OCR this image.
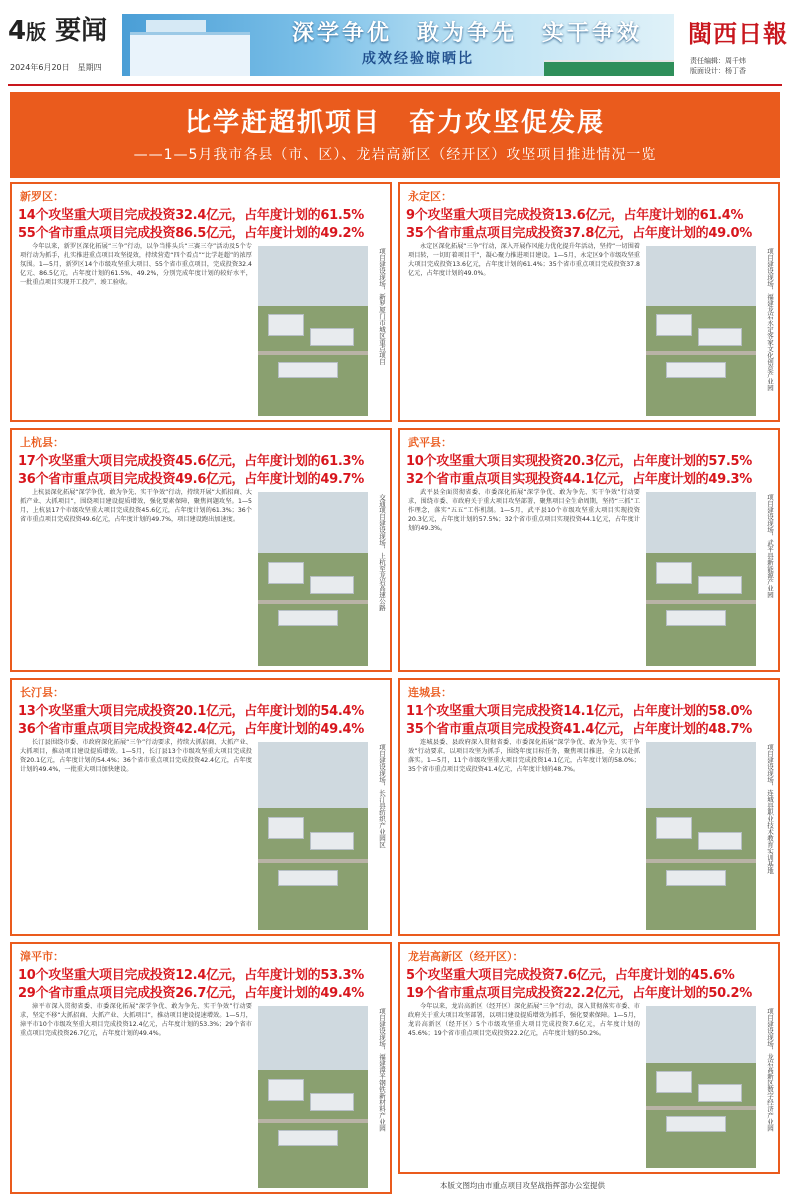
4版 要闻
2024年6月20日　星期四
深学争优　敢为争先　实干争效
成效经验晾晒比
閩西日報
责任编辑：周千炜
版面设计：杨丁香
比学赶超抓项目　奋力攻坚促发展
——1—5月我市各县（市、区）、龙岩高新区（经开区）攻坚项目推进情况一览
新罗区：
14个攻坚重大项目完成投资32.4亿元，占年度计划的61.5%
55个省市重点项目完成投资86.5亿元，占年度计划的49.2%

今年以来，新罗区深化拓展“三争”行动，以争当排头兵“三赛三夺”活动及5个专项行动为抓手，扎实推进重点项目攻坚提效，持续营造“四个看点”“比学赶超”的浓厚氛围。1—5月，新罗区14个市级攻坚重大项目、55个省市重点项目，完成投资32.4亿元、86.5亿元，占年度计划的61.5%、49.2%，分别完成年度计划的较好水平，一批重点项目实现开工投产、竣工验收。	项目建设现场，新罗厦门市城区重点项目
永定区：
9个攻坚重大项目完成投资13.6亿元，占年度计划的61.4%
35个省市重点项目完成投资37.8亿元，占年度计划的49.0%

永定区深化拓展“三争”行动，深入开展作风能力优化提升年活动，坚持“一切围着项目转，一切盯着项目干”，凝心聚力推进项目建设。1—5月，永定区9个市级攻坚重大项目完成投资13.6亿元，占年度计划的61.4%；35个省市重点项目完成投资37.8亿元，占年度计划的49.0%。	项目建设现场，福建龙岩永定客家文化创意产业园
上杭县：
17个攻坚重大项目完成投资45.6亿元，占年度计划的61.3%
36个省市重点项目完成投资49.6亿元，占年度计划的49.7%

上杭县深化拓展“深学争优、敢为争先、实干争效”行动，持续开展“大抓招商、大抓产业、大抓项目”，围绕项目建设提质增效，强化要素保障，聚焦问题攻坚。1—5月，上杭县17个市级攻坚重大项目完成投资45.6亿元，占年度计划的61.3%；36个省市重点项目完成投资49.6亿元，占年度计划的49.7%，项目建设跑出加速度。	交通项目建设现场，上杭至龙岩高速公路
武平县：
10个攻坚重大项目实现投资20.3亿元，占年度计划的57.5%
32个省市重点项目实现投资44.1亿元，占年度计划的49.3%

武平县全面贯彻省委、市委深化拓展“深学争优、敢为争先、实干争效”行动要求，围绕市委、市政府关于重大项目攻坚部署，聚焦项目全生命周期，坚持“三抓”工作理念，落实“五五”工作机制。1—5月，武平县10个市级攻坚重大项目实现投资20.3亿元，占年度计划的57.5%；32个省市重点项目实现投资44.1亿元，占年度计划的49.3%。	项目建设现场，武平县新能源产业园
长汀县：
13个攻坚重大项目完成投资20.1亿元，占年度计划的54.4%
36个省市重点项目完成投资42.4亿元，占年度计划的49.4%

长汀县围绕市委、市政府深化拓展“三争”行动要求，持续大抓招商、大抓产业、大抓项目，推动项目建设提质增效。1—5月，长汀县13个市级攻坚重大项目完成投资20.1亿元，占年度计划的54.4%；36个省市重点项目完成投资42.4亿元，占年度计划的49.4%，一批重大项目加快建设。	项目建设现场，长汀县纺织产业园区
连城县：
11个攻坚重大项目完成投资14.1亿元，占年度计划的58.0%
35个省市重点项目完成投资41.4亿元，占年度计划的48.7%

连城县委、县政府深入贯彻省委、市委深化拓展“深学争优、敢为争先、实干争效”行动要求，以项目攻坚为抓手，围绕年度目标任务，聚焦项目推进，全力以赴抓落实。1—5月，11个市级攻坚重大项目完成投资14.1亿元，占年度计划的58.0%；35个省市重点项目完成投资41.4亿元，占年度计划的48.7%。	项目建设现场，连城县职业技术教育实训基地
漳平市：
10个攻坚重大项目完成投资12.4亿元，占年度计划的53.3%
29个省市重点项目完成投资26.7亿元，占年度计划的49.4%

漳平市深入贯彻省委、市委深化拓展“深学争优、敢为争先、实干争效”行动要求，坚定不移“大抓招商、大抓产业、大抓项目”，推动项目建设提速增效。1—5月，漳平市10个市级攻坚重大项目完成投资12.4亿元，占年度计划的53.3%；29个省市重点项目完成投资26.7亿元，占年度计划的49.4%。	项目建设现场，福建漳平钢铁新材料产业园
龙岩高新区（经开区）：
5个攻坚重大项目完成投资7.6亿元，占年度计划的45.6%
19个省市重点项目完成投资22.2亿元，占年度计划的50.2%

今年以来，龙岩高新区（经开区）深化拓展“三争”行动，深入贯彻落实市委、市政府关于重大项目攻坚部署，以项目建设提质增效为抓手，强化要素保障。1—5月，龙岩高新区（经开区）5个市级攻坚重大项目完成投资7.6亿元，占年度计划的45.6%；19个省市重点项目完成投资22.2亿元，占年度计划的50.2%。	项目建设现场，龙岩高新区数字经济产业园
本版文图均由市重点项目攻坚战指挥部办公室提供
